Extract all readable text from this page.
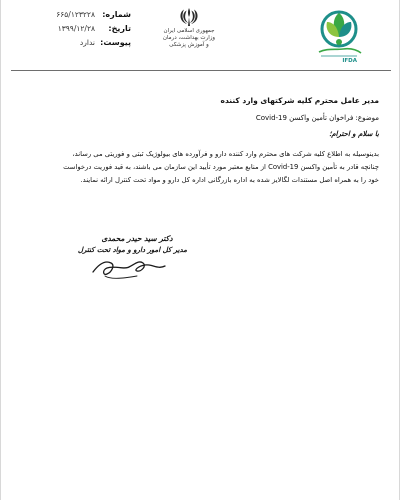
شماره:
۶۶۵/۱۲۳۲۲۸
تاریخ:
۱۳۹۹/۱۲/۲۸
پیوست:
ندارد
جمهوری اسلامی ایران
وزارت بهداشت، درمان
و آموزش پزشکی
IFDA
مدیر عامل محترم کلیه شرکتهای وارد کننده
موضوع: فراخوان تأمین واکسن Covid-19
با سلام و احترام؛
بدینوسیله به اطلاع کلیه شرکت های محترم وارد کننده دارو و فرآورده های بیولوژیک ثبتی و فوریتی می رساند،
چنانچه قادر به تأمین واکسن Covid-19 از منابع معتبر مورد تأیید این سازمان می باشند، به قید فوریت درخواست
خود را به همراه اصل مستندات لگالایز شده به اداره بازرگانی اداره کل دارو و مواد تحت کنترل ارائه نمایند.
دکتر سید حیدر محمدی
مدیر کل امور دارو و مواد تحت کنترل
